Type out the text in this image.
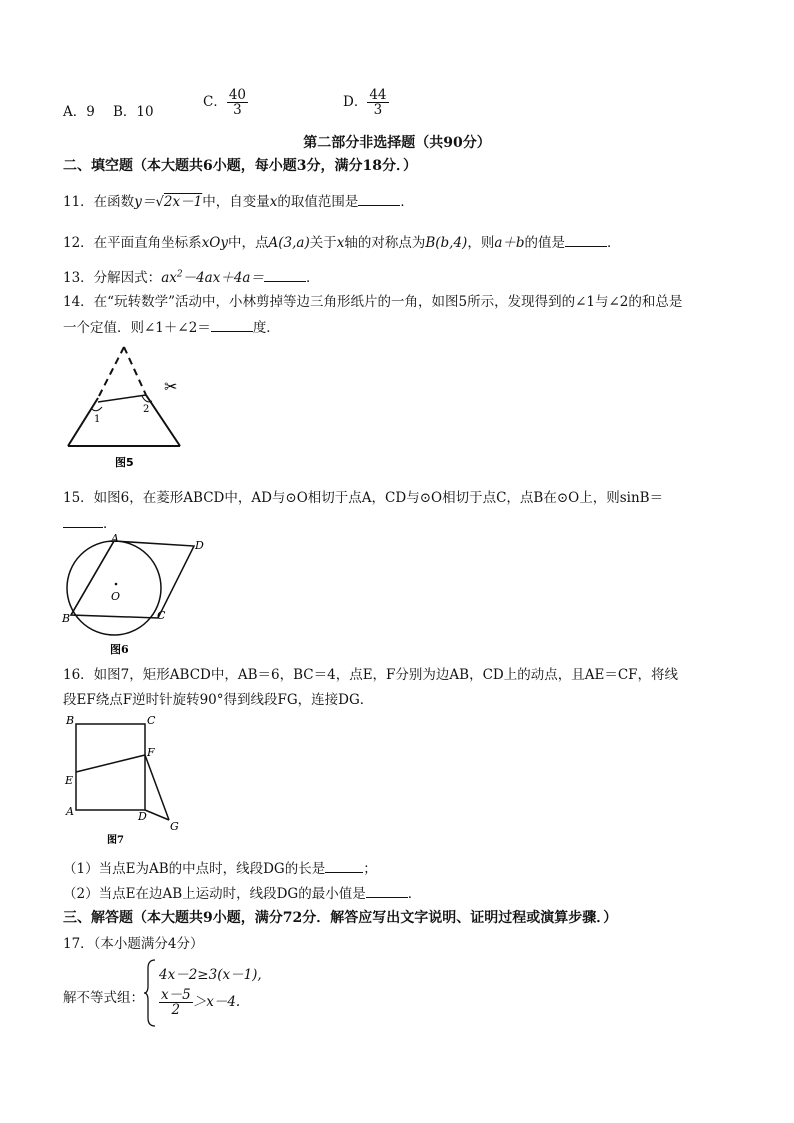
A．9 B．10
C． $\frac{40}{3}$	D． $\frac{44}{3}$
第二部分非选择题（共90分）
二、填空题（本大题共6小题，每小题3分，满分18分．）
11．在函数y＝√2x－1中，自变量x的取值范围是	．
12．在平面直角坐标系xOy中，点A(3,a)关于x轴的对称点为B(b,4)，则a＋b的值是	．
13．分解因式：$ax^2-4ax+4a=$	．
14．在“玩转数学”活动中，小林剪掉等边三角形纸片的一角，如图5所示，发现得到的∠1与∠2的和总是
一个定值．则∠1＋∠2＝	度．
1
2
✂
图5
15．如图6，在菱形ABCD中，AD与⊙O相切于点A，CD与⊙O相切于点C，点B在⊙O上，则sinB＝
．
A
D
B	C
O
图6
16．如图7，矩形ABCD中，AB＝6，BC＝4，点E，F分别为边AB，CD上的动点，且AE＝CF，将线
段EF绕点F逆时针旋转90°得到线段FG，连接DG．
B	C
F
E
A	D
G
图7
（1）当点E为AB的中点时，线段DG的长是	；
（2）当点E在边AB上运动时，线段DG的最小值是	．
三、解答题（本大题共9小题，满分72分．解答应写出文字说明、证明过程或演算步骤．）
17．（本小题满分4分）
解不等式组：
4x－2≥3(x－1),
$\frac{x-5}{2} >x-4$.
